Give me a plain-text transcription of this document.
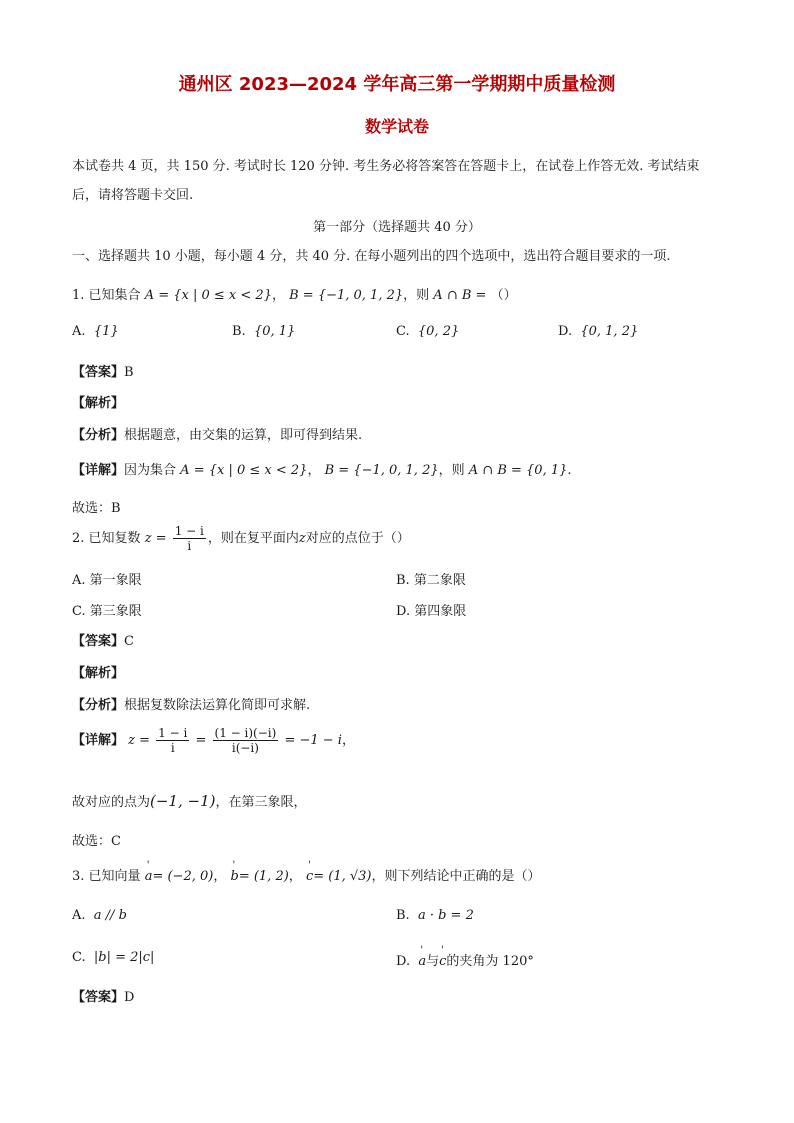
通州区 2023—2024 学年高三第一学期期中质量检测
数学试卷
本试卷共 4 页，共 150 分. 考试时长 120 分钟. 考生务必将答案答在答题卡上，在试卷上作答无效. 考试结束
后，请将答题卡交回.
第一部分（选择题共 40 分）
一、选择题共 10 小题，每小题 4 分，共 40 分. 在每小题列出的四个选项中，选出符合题目要求的一项.
1. 已知集合 A = {x | 0 ≤ x < 2}， B = {−1, 0, 1, 2}，则 A ∩ B = （）
A. {1}	B. {0, 1}	C. {0, 2}	D. {0, 1, 2}
【答案】B
【解析】
【分析】根据题意，由交集的运算，即可得到结果.
【详解】因为集合 A = {x | 0 ≤ x < 2}， B = {−1, 0, 1, 2}，则 A ∩ B = {0, 1}.
故选：B
2. 已知复数 $z = \frac{1 - i}{i}$ ，则在复平面内z对应的点位于（）
A. 第一象限	B. 第二象限
C. 第三象限	D. 第四象限
【答案】C
【解析】
【分析】根据复数除法运算化简即可求解.
【详解】 $z = \frac{1 - i}{i} = \frac{(1 - i)(-i)}{i(-i)} = -1 - i$，
故对应的点为(−1, −1)，在第三象限，
故选：C
3. 已知向量 ' a= (−2, 0)， ' b= (1, 2)， ' c= (1, √3)，则下列结论中正确的是（）
A. a // b	B. a · b = 2
C. |b| = 2|c|	D. ' a与' c的夹角为 120°
【答案】D
